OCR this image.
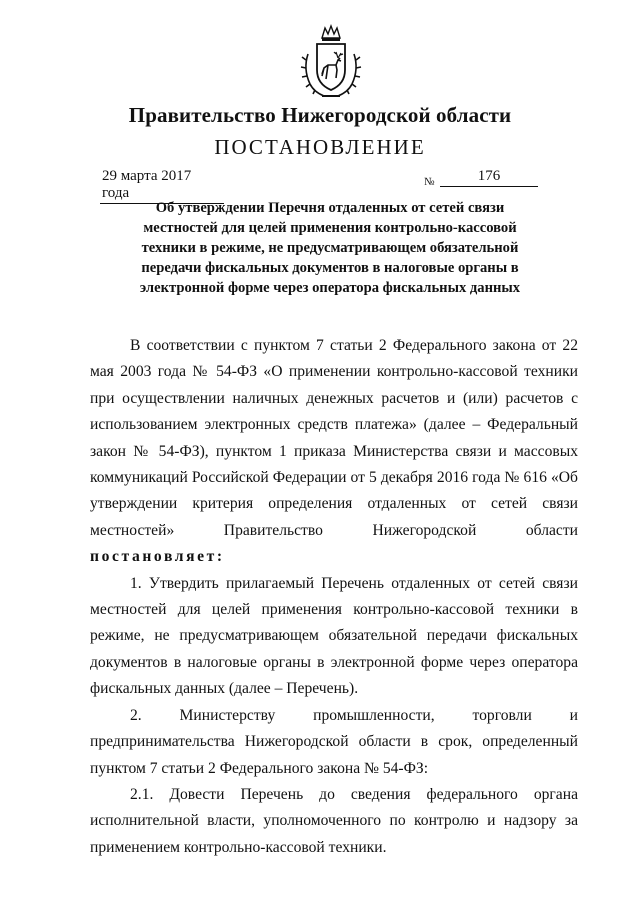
Правительство Нижегородской области
ПОСТАНОВЛЕНИЕ
29 марта 2017 года
№	176
Об утверждении Перечня отдаленных от сетей связи
местностей для целей применения контрольно-кассовой
техники в режиме, не предусматривающем обязательной
передачи фискальных документов в налоговые органы в
электронной форме через оператора фискальных данных

В соответствии с пунктом 7 статьи 2 Федерального закона от 22 мая 2003 года № 54-ФЗ «О применении контрольно-кассовой техники при осуществлении наличных денежных расчетов и (или) расчетов с использованием электронных средств платежа» (далее – Федеральный закон № 54-ФЗ), пунктом 1 приказа Министерства связи и массовых коммуникаций Российской Федерации от 5 декабря 2016 года № 616 «Об утверждении критерия определения отдаленных от сетей связи местностей» Правительство Нижегородской области постановляет:

1. Утвердить прилагаемый Перечень отдаленных от сетей связи местностей для целей применения контрольно-кассовой техники в режиме, не предусматривающем обязательной передачи фискальных документов в налоговые органы в электронной форме через оператора фискальных данных (далее – Перечень).

2. Министерству промышленности, торговли и предпринимательства Нижегородской области в срок, определенный пунктом 7 статьи 2 Федерального закона № 54-ФЗ:

2.1. Довести Перечень до сведения федерального органа исполнительной власти, уполномоченного по контролю и надзору за применением контрольно-кассовой техники.
